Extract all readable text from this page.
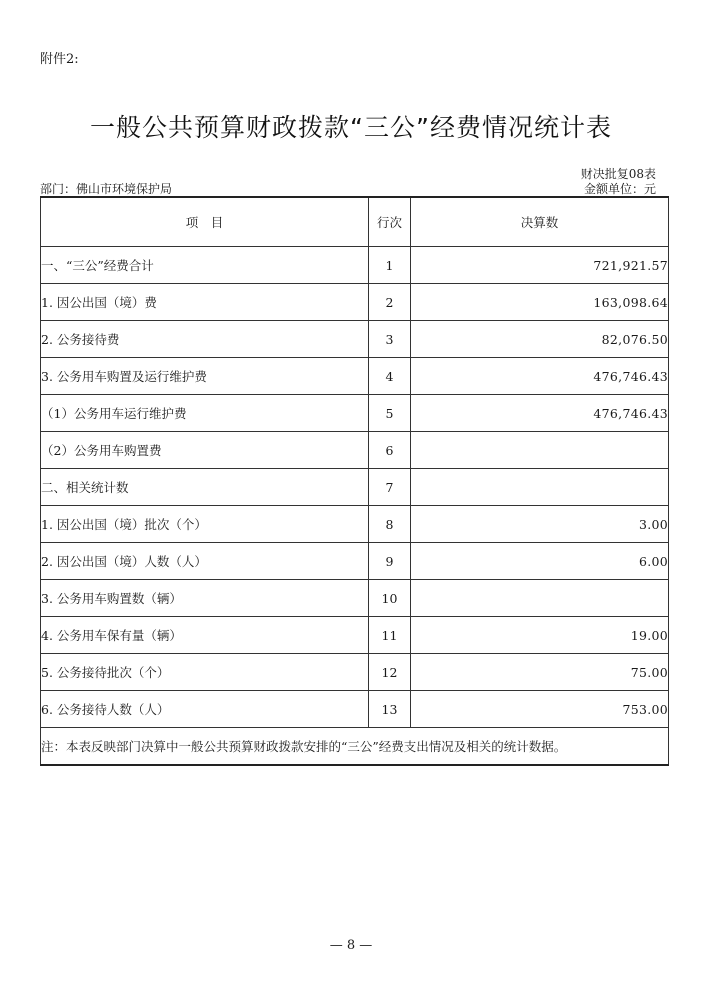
附件2:
一般公共预算财政拨款“三公”经费情况统计表
财决批复08表
部门：佛山市环境保护局	金额单位：元
项　目	行次	决算数
一、“三公”经费合计	1	721,921.57
1. 因公出国（境）费	2	163,098.64
2. 公务接待费	3	82,076.50
3. 公务用车购置及运行维护费	4	476,746.43
（1）公务用车运行维护费	5	476,746.43
（2）公务用车购置费	6	
二、相关统计数	7	
1. 因公出国（境）批次（个）	8	3.00
2. 因公出国（境）人数（人）	9	6.00
3. 公务用车购置数（辆）	10	
4. 公务用车保有量（辆）	11	19.00
5. 公务接待批次（个）	12	75.00
6. 公务接待人数（人）	13	753.00
注：本表反映部门决算中一般公共预算财政拨款安排的“三公”经费支出情况及相关的统计数据。		
— 8 —
